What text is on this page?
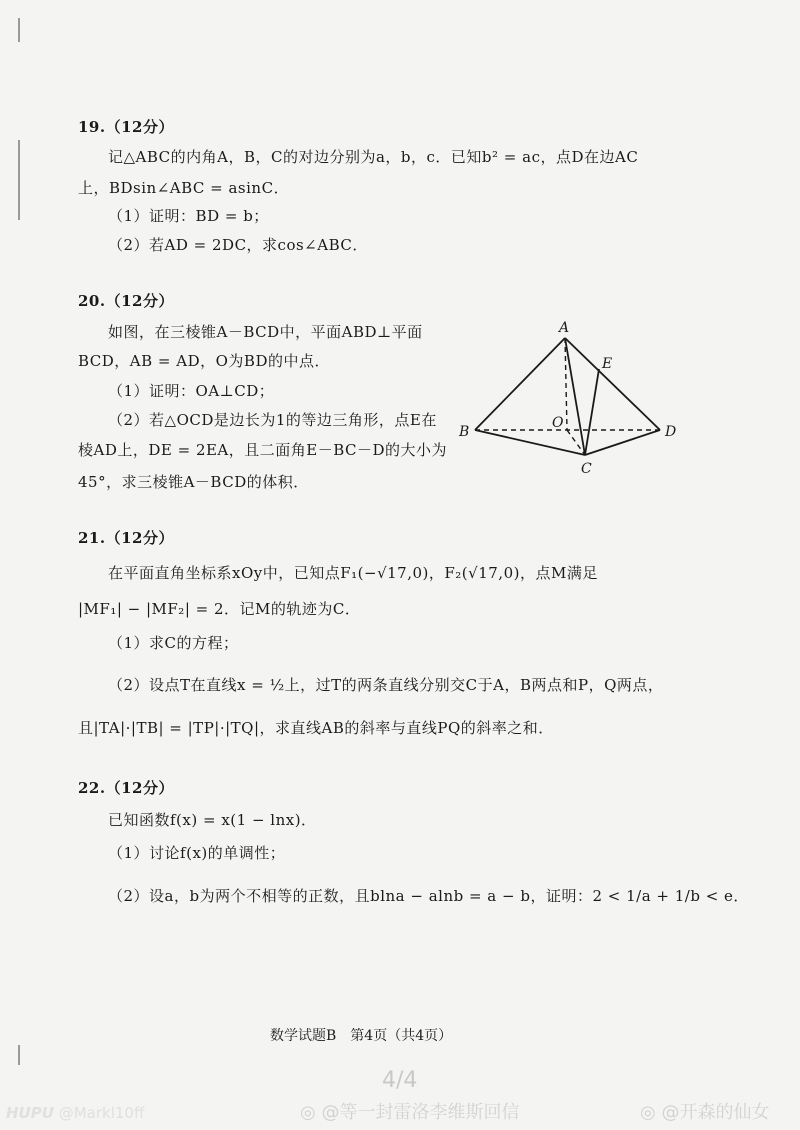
19.（12分）
记△ABC的内角A，B，C的对边分别为a，b，c．已知b² = ac，点D在边AC
上，BDsin∠ABC = asinC．
（1）证明：BD = b；
（2）若AD = 2DC，求cos∠ABC．
20.（12分）
如图，在三棱锥A－BCD中，平面ABD⊥平面
BCD，AB = AD，O为BD的中点．
（1）证明：OA⊥CD；
（2）若△OCD是边长为1的等边三角形，点E在
棱AD上，DE = 2EA，且二面角E－BC－D的大小为
45°，求三棱锥A－BCD的体积．
A
E
O
B	D
C
21.（12分）
在平面直角坐标系xOy中，已知点F₁(−√17,0)，F₂(√17,0)，点M满足
|MF₁| − |MF₂| = 2．记M的轨迹为C．
（1）求C的方程；
（2）设点T在直线x = ½上，过T的两条直线分别交C于A，B两点和P，Q两点，
且|TA|·|TB| = |TP|·|TQ|，求直线AB的斜率与直线PQ的斜率之和．
22.（12分）
已知函数f(x) = x(1 − lnx)．
（1）讨论f(x)的单调性；
（2）设a，b为两个不相等的正数，且blna − alnb = a − b，证明：2 < 1/a + 1/b < e．
数学试题B　第4页（共4页）
4/4
HUPU @Markl10ff	◎ @等一封雷洛李维斯回信	◎ @开森的仙女
